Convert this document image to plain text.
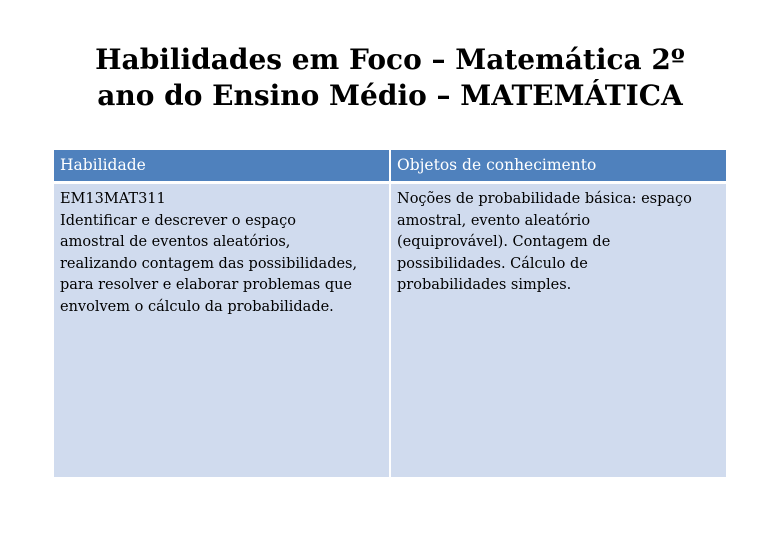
Habilidades em Foco – Matemática 2º
ano do Ensino Médio – MATEMÁTICA
Habilidade	Objetos de conhecimento
EM13MAT311
Identificar e descrever o espaço
amostral de eventos aleatórios,
realizando contagem das possibilidades,
para resolver e elaborar problemas que
envolvem o cálculo da probabilidade.
Noções de probabilidade básica: espaço
amostral, evento aleatório
(equiprovável). Contagem de
possibilidades. Cálculo de
probabilidades simples.
